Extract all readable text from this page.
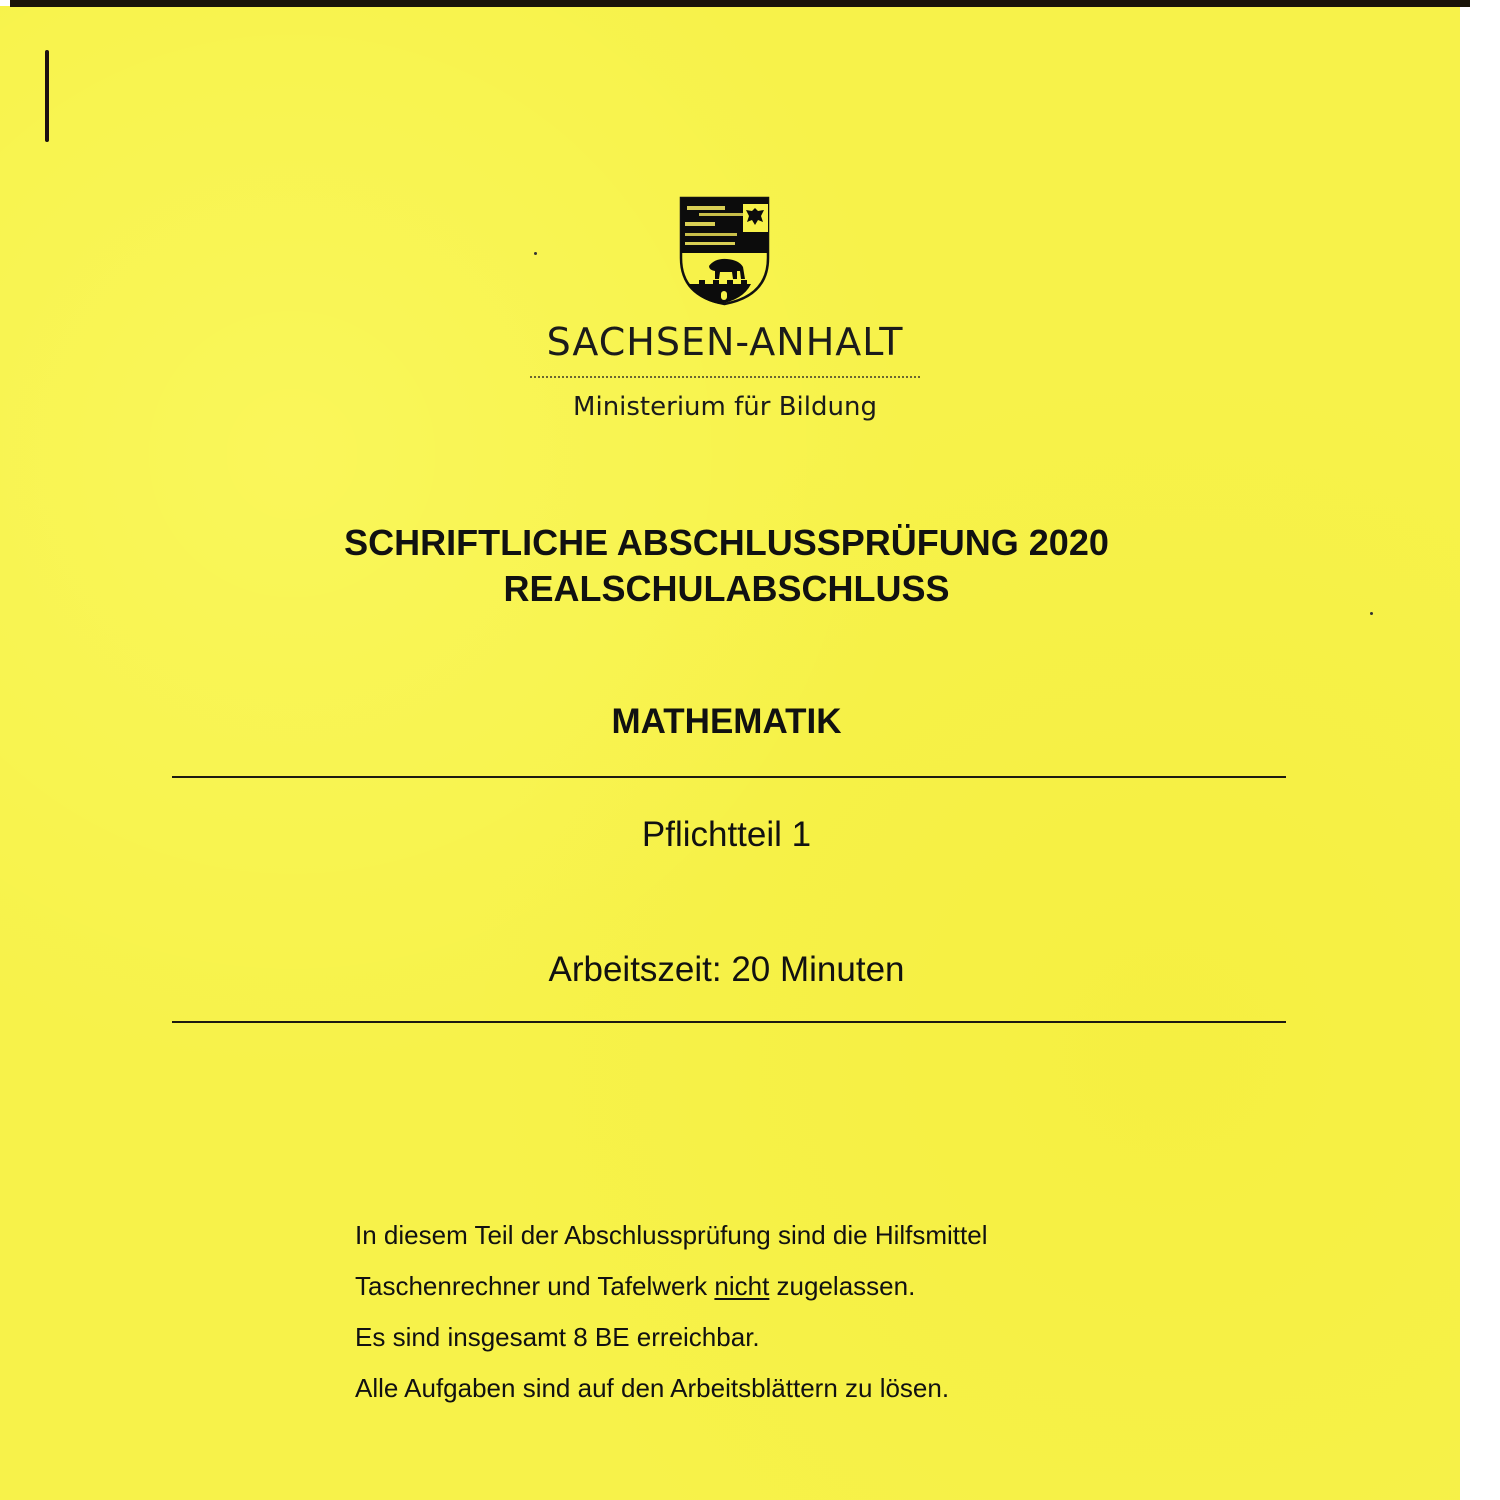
SACHSEN-ANHALT
Ministerium für Bildung
SCHRIFTLICHE ABSCHLUSSPRÜFUNG 2020
REALSCHULABSCHLUSS
MATHEMATIK
Pflichtteil 1
Arbeitszeit: 20 Minuten
In diesem Teil der Abschlussprüfung sind die Hilfsmittel
Taschenrechner und Tafelwerk nicht zugelassen.
Es sind insgesamt 8 BE erreichbar.
Alle Aufgaben sind auf den Arbeitsblättern zu lösen.
